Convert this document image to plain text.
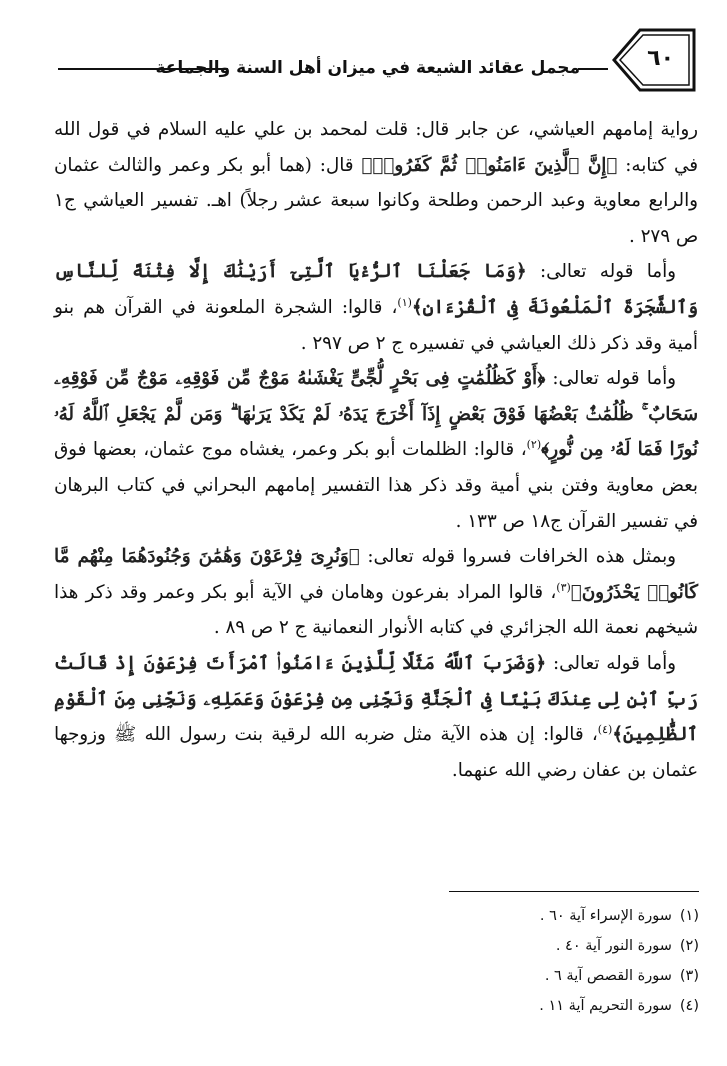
٦٠
مجمل عقائد الشيعة في ميزان أهل السنة والجماعة

رواية إمامهم العياشي، عن جابر قال: قلت لمحمد بن علي عليه السلام في قول الله في كتابه: ﴿إِنَّ ٱلَّذِينَ ءَامَنُوا۟ ثُمَّ كَفَرُوا۟﴾ قال: (هما أبو بكر وعمر والثالث عثمان والرابع معاوية وعبد الرحمن وطلحة وكانوا سبعة عشر رجلاً) اهـ. تفسير العياشي ج١ ص ٢٧٩ .

وأما قوله تعالى: ﴿وَمَا جَعَلْنَا ٱلرُّءْيَا ٱلَّتِىٓ أَرَيْنَٰكَ إِلَّا فِتْنَةً لِّلنَّاسِ وَٱلشَّجَرَةَ ٱلْمَلْعُونَةَ فِى ٱلْقُرْءَانِ﴾$^{(١)}$، قالوا: الشجرة الملعونة في القرآن هم بنو أمية وقد ذكر ذلك العياشي في تفسيره ج ٢ ص ٢٩٧ .

وأما قوله تعالى: ﴿أَوْ كَظُلُمَٰتٍ فِى بَحْرٍ لُّجِّىٍّ يَغْشَىٰهُ مَوْجٌ مِّن فَوْقِهِۦ مَوْجٌ مِّن فَوْقِهِۦ سَحَابٌ ۚ ظُلُمَٰتٌۢ بَعْضُهَا فَوْقَ بَعْضٍ إِذَآ أَخْرَجَ يَدَهُۥ لَمْ يَكَدْ يَرَىٰهَا ۗ وَمَن لَّمْ يَجْعَلِ ٱللَّهُ لَهُۥ نُورًا فَمَا لَهُۥ مِن نُّورٍ﴾$^{(٢)}$، قالوا: الظلمات أبو بكر وعمر، يغشاه موج عثمان، بعضها فوق بعض معاوية وفتن بني أمية وقد ذكر هذا التفسير إمامهم البحراني في كتاب البرهان في تفسير القرآن ج١٨ ص ١٣٣ .

وبمثل هذه الخرافات فسروا قوله تعالى: ﴿وَنُرِىَ فِرْعَوْنَ وَهَٰمَٰنَ وَجُنُودَهُمَا مِنْهُم مَّا كَانُوا۟ يَحْذَرُونَ﴾$^{(٣)}$، قالوا المراد بفرعون وهامان في الآية أبو بكر وعمر وقد ذكر هذا شيخهم نعمة الله الجزائري في كتابه الأنوار النعمانية ج ٢ ص ٨٩ .

وأما قوله تعالى: ﴿وَضَرَبَ ٱللَّهُ مَثَلًا لِّلَّذِينَ ءَامَنُوا۟ ٱمْرَأَتَ فِرْعَوْنَ إِذْ قَالَتْ رَبِّ ٱبْنِ لِى عِندَكَ بَيْتًا فِى ٱلْجَنَّةِ وَنَجِّنِى مِن فِرْعَوْنَ وَعَمَلِهِۦ وَنَجِّنِى مِنَ ٱلْقَوْمِ ٱلظَّٰلِمِينَ﴾$^{(٤)}$، قالوا: إن هذه الآية مثل ضربه الله لرقية بنت رسول الله ﷺ وزوجها عثمان بن عفان رضي الله عنهما.

(١)سورة الإسراء آية ٦٠ .
(٢)سورة النور آية ٤٠ .
(٣)سورة القصص آية ٦ .
(٤)سورة التحريم آية ١١ .
